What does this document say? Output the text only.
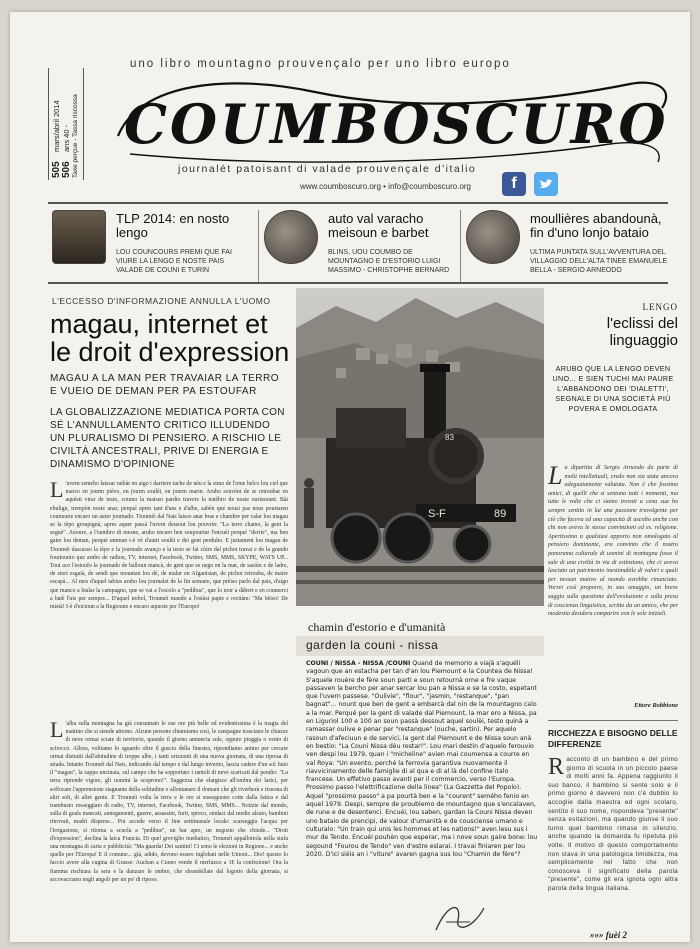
uno libro mountagno prouvençalo per uno libro europo
505 506
mars/abril 2014 ans 40 - Taxe perçue - Tassa riscossa COUMBOSCURO
journalét patoisant di valade prouvençale d'italio
www.coumboscuro.org • info@coumboscuro.org	f
TLP 2014: en nosto lengo
LOU COUNCOURS PREMI QUE FAI VIURE LA LENGO E NOSTE PAIS VALADE DE COUNI E TURIN
auto val varacho meisoun e barbet
BLINS, UOU COUMBO DE MOUNTAGNO E D'ESTORIO LUIGI MASSIMO - CHRISTOPHE BERNARD
moullières abandounà, fin d'uno lonjo bataio
ULTIMA PUNTATA SULL'AVVENTURA DEL VILLAGGIO DELL'ALTA TINEE EMANUELE BELLA - SERGIO ARNEODO
L'ECCESSO D'INFORMAZIONE ANNULLA L'UOMO
magau, internet et le droit d'expression
MAGAU A LA MAN PER TRAVAIAR LA TERRO E VUEIO DE DEMAN PER PA ESTOUFAR
LA GLOBALIZZAZIONE MEDIATICA PORTA CON SÉ L'ANNULLAMENTO CRITICO ILLUDENDO UN PLURALISMO DI PENSIERO. A RISCHIO LE CIVILTÀ ANCESTRALI, PRIVE DI ENERGIA E DINAMISMO D'OPINIONE
L 'uvern semeho laissar raibàr en aigo i darriere tache de nèu e la stmo de l'ome belco lou ciel que marco en jourm pièvo, en jourm soulèi, en jourm marin. Arubo souvént de se retroubar en aquésti virar de testo, coumo la maisso pardio travers la tenèbro de noste ourissount. Bài ebulign, trempòn noste anar, perqué apres tant d'ans e d'albe, sabèn qué nousi pas nous pourtaren coumoure encaro un autre journado. Trouméi dal Nais laisso anar bras e chambre per calar lou magau se la tèpo groupignà, apres aquer passà l'uvern dessout lou pouvrin: "La terro chamo, la gent la seguè". Anoure, a l'oumbro di mesne, aruho encaro ben soupourtar l'encuéi perqué "derrie", ma ben gaire lou deman, perqué umman i-è vè d'autri soulèi e dei gent perduho. E justament lou magau de Trouméi dascasso la tèpo e la journado avanço e la testo se fai còire dal pichot travai e de la grando fourtounio que arubo de radiou, TV, internet, Facebook, Twitter, SMS, MMS, SKYPE, WATS UP... Tout aco l'estoufo la journado de balloun mancà, de gent que se nego en la mar, de sasiùn e de ladre, de stori esgaià, de sendi que mountan lou dé, de malur en Afganistan, de pichot retrouba, de maire escapà... Al mes d'aquel tabius arubo lou journalet de la fin semano, que prèiso parlo dal pais, d'aigo que manco a bialar la campagno, que se vai a l'escolo a "pedibus", que lo noir a dàbert e en coumerci a batè l'uis per sempre... D'aquel trebol, Trouméi mando a l'estàsi papie e recitàm: "Ma bèiso! De mistà! I-è d'eicioun a la Regioune e encaro aqueste per l'Europo!
L 'alba sulla montagna ha già consumato le sue ore più belle ed evidentissima è la magia del mattino che si stende attorno. Alcune persone chiamiamo così, le campagne trasciano le chiazze di neve ormai sciate di territorio, quando il giorno annuncia sole, oppure pioggia o vento di scirocco. Allora, volitamo lo sguardo oltre il guscio della finestra, riprendiamo animo per cercare ormai distratti dall'abitudine di troppe albe, i tanti orizzonti di una nuova giornata, di una ripresa di strada. Intanto Trouméi dal Nais, indicando dal tempo e dal lungo inverno, lascia cadere d'un sol fiato il "magau", la zappa uncinata, sul campo che ha sopportato i rantoli di neve scaricati dal pendio: "La terra riprende vigore, gli uomini la scoprono!". Saggezza che elargisce all'ombra dei larici, per soffocare l'apprensione stagnante della solitudine e allontanare il domani che gli riverberà e risuona di altri soli, di altre gente. E Trouméi volta la terra e le ore si susseguono cotte dalla fatica e dal trambusto rosseggiato di radio, TV, internet, Facebook, Twitter, SMS, MMS... Notizie dal mondo, sulla di goals mancati, annegamenti, guerre, assassini, furti, spreco, sindaci dal medio alzato, bambini ritrovati, madri disperse... Poi accede verso il fine settimanale locale: scarseggia l'acqua per l'irrigazione, si ritorna a scuola a "pedibus", un bar apre, un negozio che chiude... "Droit d'expression", declina la laica Francia. Di quel groviglio mediatico, Trouméi appallottola nella stufa una montagna di carta e pubblicità: "Ma guarda! Dei santini! Ci sono le elezioni in Regione... e anche quelle per l'Europa! E il comune... già, adido, devono essere inglobati nelle Unioni... Dio! questo lo faccio avere alla cugina di Grasse: Auchan a Cuneo vende il merluzzo a 1€ la confezione! Ora la fiamma rischiara la sera e la danzare le ombre, che sbrandellate dal logorio della giornata, si accovacciano negli angoli per un po' di riposo.
S-F	89
83
chamin d'estorio e d'umanità
garden la couni - nissa
COUNI / NISSA - NISSA /COUNI Quand de memorio a viajà s'aquéli vagoun que an estacha per tan d'an lou Piemount e la Countea de Nissa! S'aquele rouère de fère soun parti e soun retournà orne e fre vaque passaven la bercho per anar sercar lou pan a Nissa e se la costo, espetant que l'uvern passese. "Oulivie", "flour", "jasmin, "restanque", "pan bagnat"... nount que ben de gent a embarcà dal nin de la mountagno calo a la mar. Perqué per la gent di valade dal Piemount, la mar ero a Nissa, pa en Liguriol 100 e 100 an soun passà dessout aquel soulèi, testo quinà a ramassar oulive e penar per "restanque" (ouche, sartin). Per aquelo rasoun d'afeciuun e de servici, la gent dal Piemount e de Nissa soun anà en bestio: "La Couni Nissa dèu restar!". Lou mari destin d'aquelo ferouvio ven despi lou 1979, quan i "micheline" avien mai coumensa a courre en val Roya: "Un evento, perché la ferrovia garantiva nuovamente il riavvicinamento delle famiglie di al qua e di al là del confine italo francese. Un effetivo passo avanti per il commercio, verso l'Europa. Prossimo passo l'elettrificazione della linea" (La Gazzetta del Popolo). Aquel "prossimo passo" a pa pourtà ben e la "courent" semého fenio en aquel 1979. Despi, sempre de proublemo de mountagno que s'encalaven, de rune e de desentenci. Encuéi, lou saben, gardan la Couni Nissa deven uno bataio de prencipi, de valour d'umanità e de cousciense umano e culturalo: "Un train qui unis les hommes et les nations!" aven lesu sus i mur de Tendo. Encuéi pouhèn que esperar, ma i nove soun gaire bone: lou segound "Fourou de Tendo" ven d'estre eslarai. I travai finiaren per lou 2020. D'ici siéis an i "viture" avaren gagna sus lou "Chamin de fère"?
LENGO
l'eclissi del linguaggio
ARUBO QUE LA LENGO DEVEN UNO... E SIEN TUCHI MAI PAURE L'ABBANDONO DEI 'DIALETTI', SEGNALE DI UNA SOCIETÀ PIÙ POVERA E OMOLOGATA
La dipartita di Sergio Arneodo da parte di molti intellettuali, credo non sia stata ancora adeguatamente valutata. Non è che fossimo amici, di quelli che si sentono tutti i momenti, ma tutte le volte che ci siamo trovati a cena sua ho sempre sentito in lui una passione travolgente per ciò che faceva ed una capacità di ascolto anche con chi non aveva le stesse convinzioni ed es. religione. Apertissimo a qualsiasi apporto non omologato al pensiero dominante, era convinto che il nostro panorama culturale di uomini di montagna fosse il sale di una civiltà in via di estinzione, che ci aveva lasciato un patrimonio inestimabile di valori e quali per nessun motivo al mondo avrebbe rinunciato. Vorrei così proporre, in suo omaggio, un breve saggio sulla questione dell'evoluzione e sulla presa di coscienza linguistica, scritto da un amico, che per modestia desidera comparire con le sole iniziali.
Ettore Robbione
RICCHEZZA E BISOGNO DELLE DIFFERENZE
Racconto di un bambino e del primo giorno di scuola in un piccolo paese di molti anni fa. Appena raggiunto il suo banco, il bambino si sente solo e il primo giorno è davvero non c'è dubbio lo accoglie dalla maestra ed ogni scolaro, sentito il suo nome, rispondeva "presente" senza esitazioni, ma quando giunse il suo turno quel bambino rimase in silenzio, anche quando la domanda fu ripetuta più volte. Il motivo di questo comportamento non stava in una patologica timidezza, ma semplicemente nel fatto che non conosceva il significato della parola "presente", come gli era ignota ogni altra parola della lingua italiana.
»»» fuèi 2
